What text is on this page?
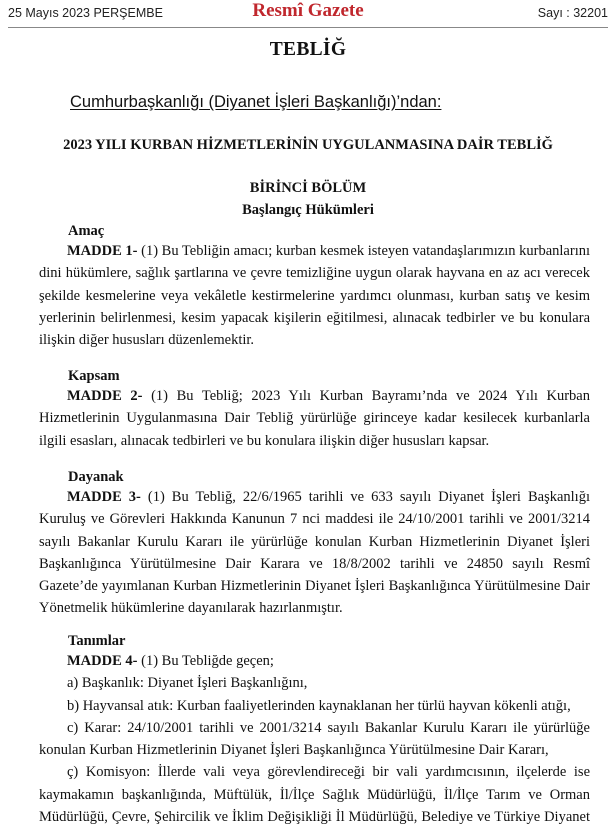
25 Mayıs 2023 PERŞEMBE	Resmî Gazete	Sayı : 32201
TEBLİĞ
Cumhurbaşkanlığı (Diyanet İşleri Başkanlığı)’ndan:
2023 YILI KURBAN HİZMETLERİNİN UYGULANMASINA DAİR TEBLİĞ
BİRİNCİ BÖLÜM
Başlangıç Hükümleri
Amaç

MADDE 1- (1) Bu Tebliğin amacı; kurban kesmek isteyen vatandaşlarımızın kurbanlarını dini hükümlere, sağlık şartlarına ve çevre temizliğine uygun olarak hayvana en az acı verecek şekilde kesmelerine veya vekâletle kestirmelerine yardımcı olunması, kurban satış ve kesim yerlerinin belirlenmesi, kesim yapacak kişilerin eğitilmesi, alınacak tedbirler ve bu konulara ilişkin diğer hususları düzenlemektir.

Kapsam

MADDE 2- (1) Bu Tebliğ; 2023 Yılı Kurban Bayramı’nda ve 2024 Yılı Kurban Hizmetlerinin Uygulanmasına Dair Tebliğ yürürlüğe girinceye kadar kesilecek kurbanlarla ilgili esasları, alınacak tedbirleri ve bu konulara ilişkin diğer hususları kapsar.

Dayanak

MADDE 3- (1) Bu Tebliğ, 22/6/1965 tarihli ve 633 sayılı Diyanet İşleri Başkanlığı Kuruluş ve Görevleri Hakkında Kanunun 7 nci maddesi ile 24/10/2001 tarihli ve 2001/3214 sayılı Bakanlar Kurulu Kararı ile yürürlüğe konulan Kurban Hizmetlerinin Diyanet İşleri Başkanlığınca Yürütülmesine Dair Karara ve 18/8/2002 tarihli ve 24850 sayılı Resmî Gazete’de yayımlanan Kurban Hizmetlerinin Diyanet İşleri Başkanlığınca Yürütülmesine Dair Yönetmelik hükümlerine dayanılarak hazırlanmıştır.

Tanımlar

MADDE 4- (1) Bu Tebliğde geçen;

a) Başkanlık: Diyanet İşleri Başkanlığını,

b) Hayvansal atık: Kurban faaliyetlerinden kaynaklanan her türlü hayvan kökenli atığı,

c) Karar: 24/10/2001 tarihli ve 2001/3214 sayılı Bakanlar Kurulu Kararı ile yürürlüğe konulan Kurban Hizmetlerinin Diyanet İşleri Başkanlığınca Yürütülmesine Dair Kararı,

ç) Komisyon: İllerde vali veya görevlendireceği bir vali yardımcısının, ilçelerde ise kaymakamın başkanlığında, Müftülük, İl/İlçe Sağlık Müdürlüğü, İl/İlçe Tarım ve Orman Müdürlüğü, Çevre, Şehircilik ve İklim Değişikliği İl Müdürlüğü, Belediye ve Türkiye Diyanet
